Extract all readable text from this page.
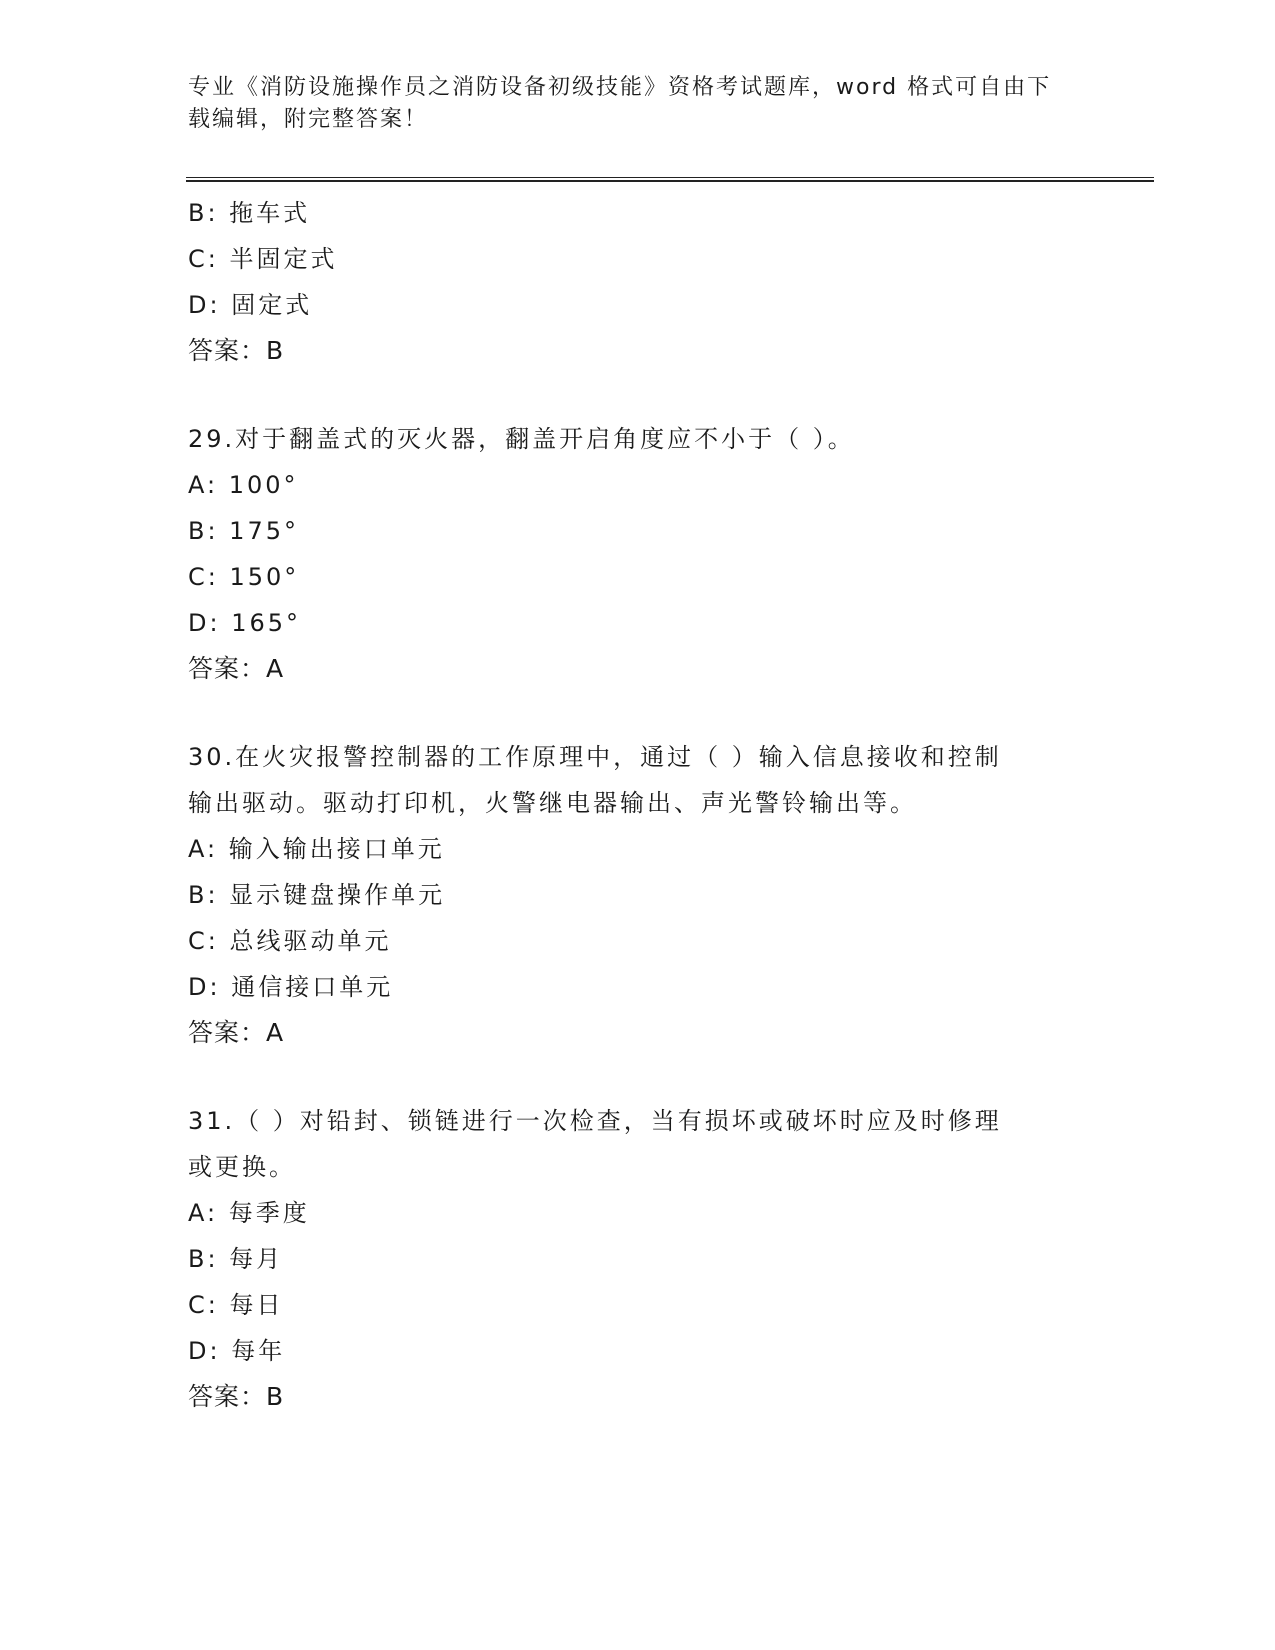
专业《消防设施操作员之消防设备初级技能》资格考试题库，word 格式可自由下
载编辑，附完整答案！
B: 拖车式
C: 半固定式
D: 固定式
答案：B
29.对于翻盖式的灭火器，翻盖开启角度应不小于（ ）。
A: 100°
B: 175°
C: 150°
D: 165°
答案：A
30.在火灾报警控制器的工作原理中，通过（ ）输入信息接收和控制
输出驱动。驱动打印机，火警继电器输出、声光警铃输出等。
A: 输入输出接口单元
B: 显示键盘操作单元
C: 总线驱动单元
D: 通信接口单元
答案：A
31.（ ）对铅封、锁链进行一次检查，当有损坏或破坏时应及时修理
或更换。
A: 每季度
B: 每月
C: 每日
D: 每年
答案：B
